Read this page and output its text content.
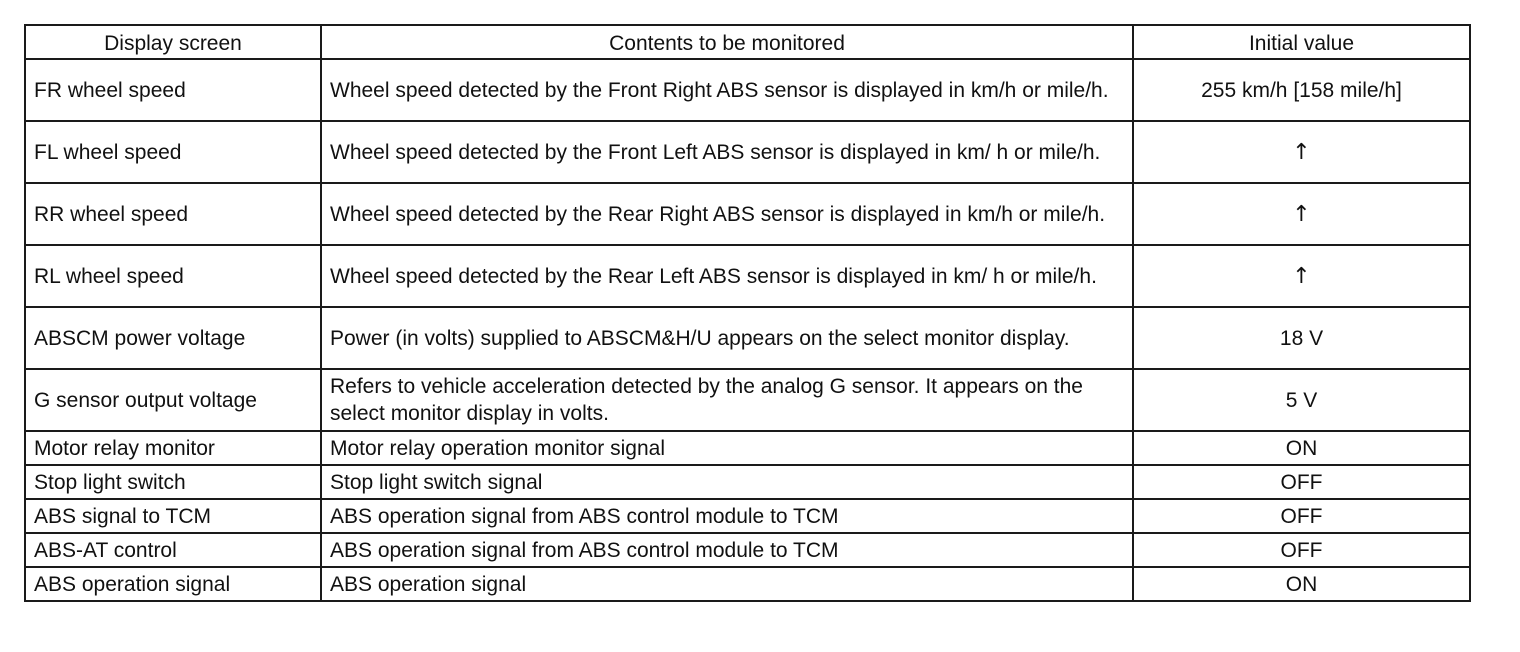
Display screen	Contents to be monitored	Initial value
FR wheel speed	Wheel speed detected by the Front Right ABS sensor is displayed in km/h or mile/h.	255 km/h [158 mile/h]
FL wheel speed	Wheel speed detected by the Front Left ABS sensor is displayed in km/ h or mile/h.	↑
RR wheel speed	Wheel speed detected by the Rear Right ABS sensor is displayed in km/h or mile/h.	↑
RL wheel speed	Wheel speed detected by the Rear Left ABS sensor is displayed in km/ h or mile/h.	↑
ABSCM power voltage	Power (in volts) supplied to ABSCM&H/U appears on the select monitor display.	18 V
G sensor output voltage	Refers to vehicle acceleration detected by the analog G sensor. It appears on the select monitor display in volts.	5 V
Motor relay monitor	Motor relay operation monitor signal	ON
Stop light switch	Stop light switch signal	OFF
ABS signal to TCM	ABS operation signal from ABS control module to TCM	OFF
ABS-AT control	ABS operation signal from ABS control module to TCM	OFF
ABS operation signal	ABS operation signal	ON
